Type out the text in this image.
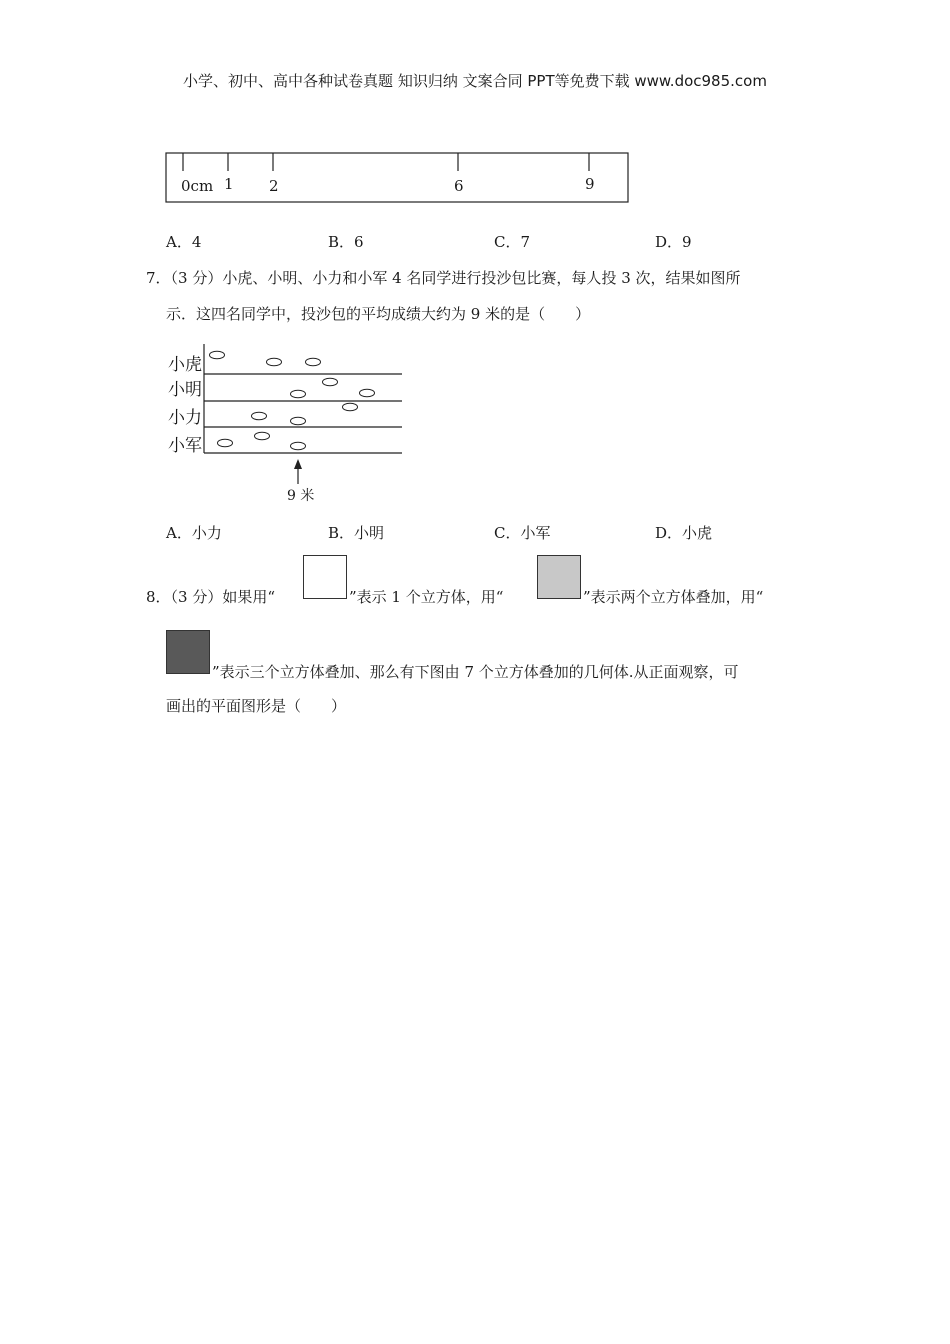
小学、初中、高中各种试卷真题 知识归纳 文案合同 PPT等免费下载 www.doc985.com
0cm 1 2	6	9
A．4	B．6	C．7	D．9
7．（3 分）小虎、小明、小力和小军 4 名同学进行投沙包比赛，每人投 3 次，结果如图所
示．这四名同学中，投沙包的平均成绩大约为 9 米的是（　　）
小虎
小明
小力
小军
9 米
A．小力	B．小明	C．小军	D．小虎
8．（3 分）如果用“	”表示 1 个立方体，用“	”表示两个立方体叠加，用“
”表示三个立方体叠加、那么有下图由 7 个立方体叠加的几何体.从正面观察，可
画出的平面图形是（　　）
